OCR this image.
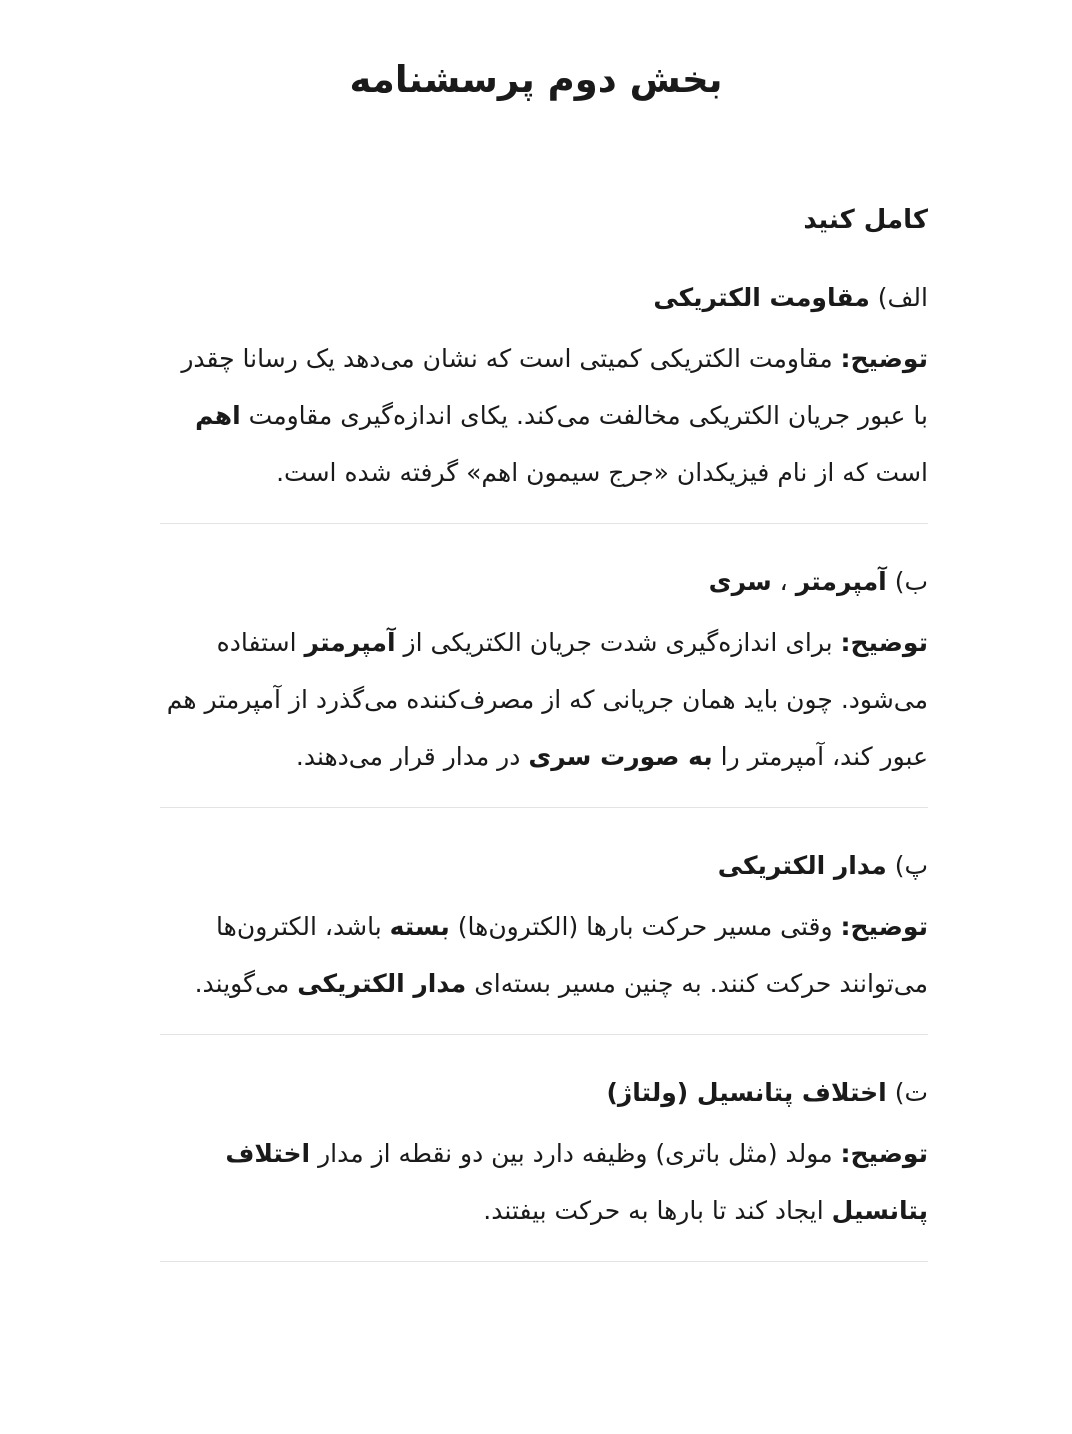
بخش دوم پرسشنامه

کامل کنید

الف) مقاومت الکتریکی

توضیح: مقاومت الکتریکی کمیتی است که نشان می‌دهد یک رسانا چقدر با عبور جریان الکتریکی مخالفت می‌کند. یکای اندازه‌گیری مقاومت اهم است که از نام فیزیکدان «جرج سیمون اهم» گرفته شده است.

ب) آمپرمتر ، سری

توضیح: برای اندازه‌گیری شدت جریان الکتریکی از آمپرمتر استفاده می‌شود. چون باید همان جریانی که از مصرف‌کننده می‌گذرد از آمپرمتر هم عبور کند، آمپرمتر را به صورت سری در مدار قرار می‌دهند.

پ) مدار الکتریکی

توضیح: وقتی مسیر حرکت بارها (الکترون‌ها) بسته باشد، الکترون‌ها می‌توانند حرکت کنند. به چنین مسیر بسته‌ای مدار الکتریکی می‌گویند.

ت) اختلاف پتانسیل (ولتاژ)

توضیح: مولد (مثل باتری) وظیفه دارد بین دو نقطه از مدار اختلاف پتانسیل ایجاد کند تا بارها به حرکت بیفتند.
